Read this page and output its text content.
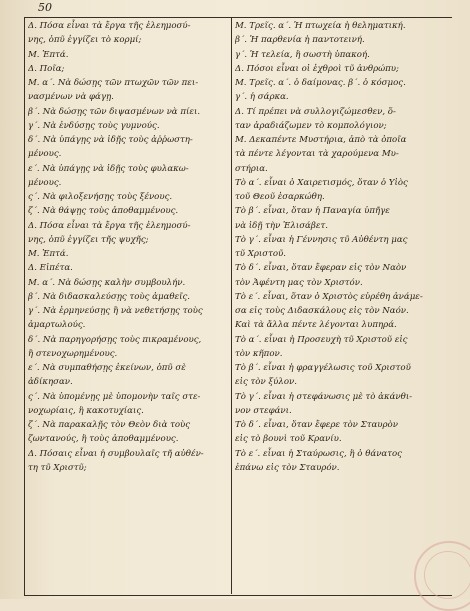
50
Δ. Πόσα εἶναι τὰ ἔργα τῆς ἐλεημοσύ-
νης, ὁπῦ ἐγγίζει τὸ κορμί;
Μ. Ἑπτά.
Δ. Ποῖα;
Μ. α΄. Νὰ δώσῃς τῶν πτωχῶν τῶν πει-
νασμένων νὰ φάγῃ.
β΄. Νὰ δώσῃς τῶν διψασμένων νὰ πίει.
γ΄. Νὰ ἐνδύσῃς τοὺς γυμνούς.
δ΄. Νὰ ὑπάγῃς νὰ ἰδῇς τοὺς ἀῤῥωστη-
μένους.
ε΄. Νὰ ὑπάγῃς νὰ ἰδῇς τοὺς φυλακω-
μένους.
ς΄. Νὰ φιλοξενήσῃς τοὺς ξένους.
ζ΄. Νὰ θάψῃς τοὺς ἀποθαμμένους.
Δ. Πόσα εἶναι τὰ ἔργα τῆς ἐλεημοσύ-
νης, ὁπῦ ἐγγίζει τῆς ψυχῆς;
Μ. Ἑπτά.
Δ. Εἰπέτα.
Μ. α΄. Νὰ δώσῃς καλὴν συμβουλήν.
β΄. Νὰ διδασκαλεύσῃς τοὺς ἀμαθεῖς.
γ΄. Νὰ ἑρμηνεύσῃς ἢ νὰ νεθετήσῃς τοὺς
ἁμαρτωλούς.
δ΄. Νὰ παρηγορήσῃς τοὺς πικραμένους,
ἢ στενοχωρημένους.
ε΄. Νὰ συμπαθήσῃς ἐκείνων, ὁπῦ σὲ
ἀδίκησαν.
ς΄. Νὰ ὑπομένῃς μὲ ὑπομονὴν ταῖς στε-
νοχωρίαις, ἢ κακοτυχίαις.
ζ΄. Νὰ παρακαλῇς τὸν Θεὸν διὰ τοὺς
ζωντανούς, ἢ τοὺς ἀποθαμμένους.
Δ. Πόσαις εἶναι ἡ συμβουλαῖς τῆ αὐθέν-
τη τῦ Χριστῦ;
Μ. Τρεῖς. α΄. Ἡ πτωχεία ἡ θεληματική.
β΄. Ἡ παρθενία ἡ παντοτεινή.
γ΄. Ἡ τελεία, ἢ σωστὴ ὑπακοή.
Δ. Πόσοι εἶναι οἱ ἐχθροὶ τῦ ἀνθρώπυ;
Μ. Τρεῖς. α΄. ὁ δαίμονας. β΄. ὁ κόσμος.
γ΄. ἡ σάρκα.
Δ. Τί πρέπει νὰ συλλογιζώμεσθεν, ὅ-
ταν ἀραδιάζωμεν τὸ κομπολόγιον;
Μ. Δεκαπέντε Μυστήρια, ἀπὸ τὰ ὁποῖα
τὰ πέντε λέγονται τὰ χαρούμενα Μυ-
στήρια.
Τὸ α΄. εἶναι ὁ Χαιρετισμός, ὅταν ὁ Υἱὸς
τοῦ Θεοῦ ἐσαρκώθη.
Τὸ β΄. εἶναι, ὅταν ἡ Παναγία ὑπῆγε
νὰ ἰδῇ τὴν Ἐλισάβετ.
Τὸ γ΄. εἶναι ἡ Γέννησις τῦ Αὐθέντη μας
τῦ Χριστοῦ.
Τὸ δ΄. εἶναι, ὅταν ἔφεραν εἰς τὸν Ναὸν
τὸν Ἀφέντη μας τὸν Χριστόν.
Τὸ ε΄. εἶναι, ὅταν ὁ Χριστὸς εὑρέθη ἀνάμε-
σα εἰς τοὺς Διδασκάλους εἰς τὸν Ναόν.
Καὶ τὰ ἄλλα πέντε λέγονται λυπηρά.
Τὸ α΄. εἶναι ἡ Προσευχὴ τῦ Χριστοῦ εἰς
τὸν κῆπον.
Τὸ β΄. εἶναι ἡ φραγγέλωσις τοῦ Χριστοῦ
εἰς τὸν ξύλον.
Τὸ γ΄. εἶναι ἡ στεφάνωσις μὲ τὸ ἀκάνθι-
νον στεφάνι.
Τὸ δ΄. εἶναι, ὅταν ἔφερε τὸν Σταυρὸν
εἰς τὸ βουνὶ τοῦ Κρανίυ.
Τὸ ε΄. εἶναι ἡ Σταύρωσις, ἢ ὁ θάνατος
ἐπάνω εἰς τὸν Σταυρόν.
